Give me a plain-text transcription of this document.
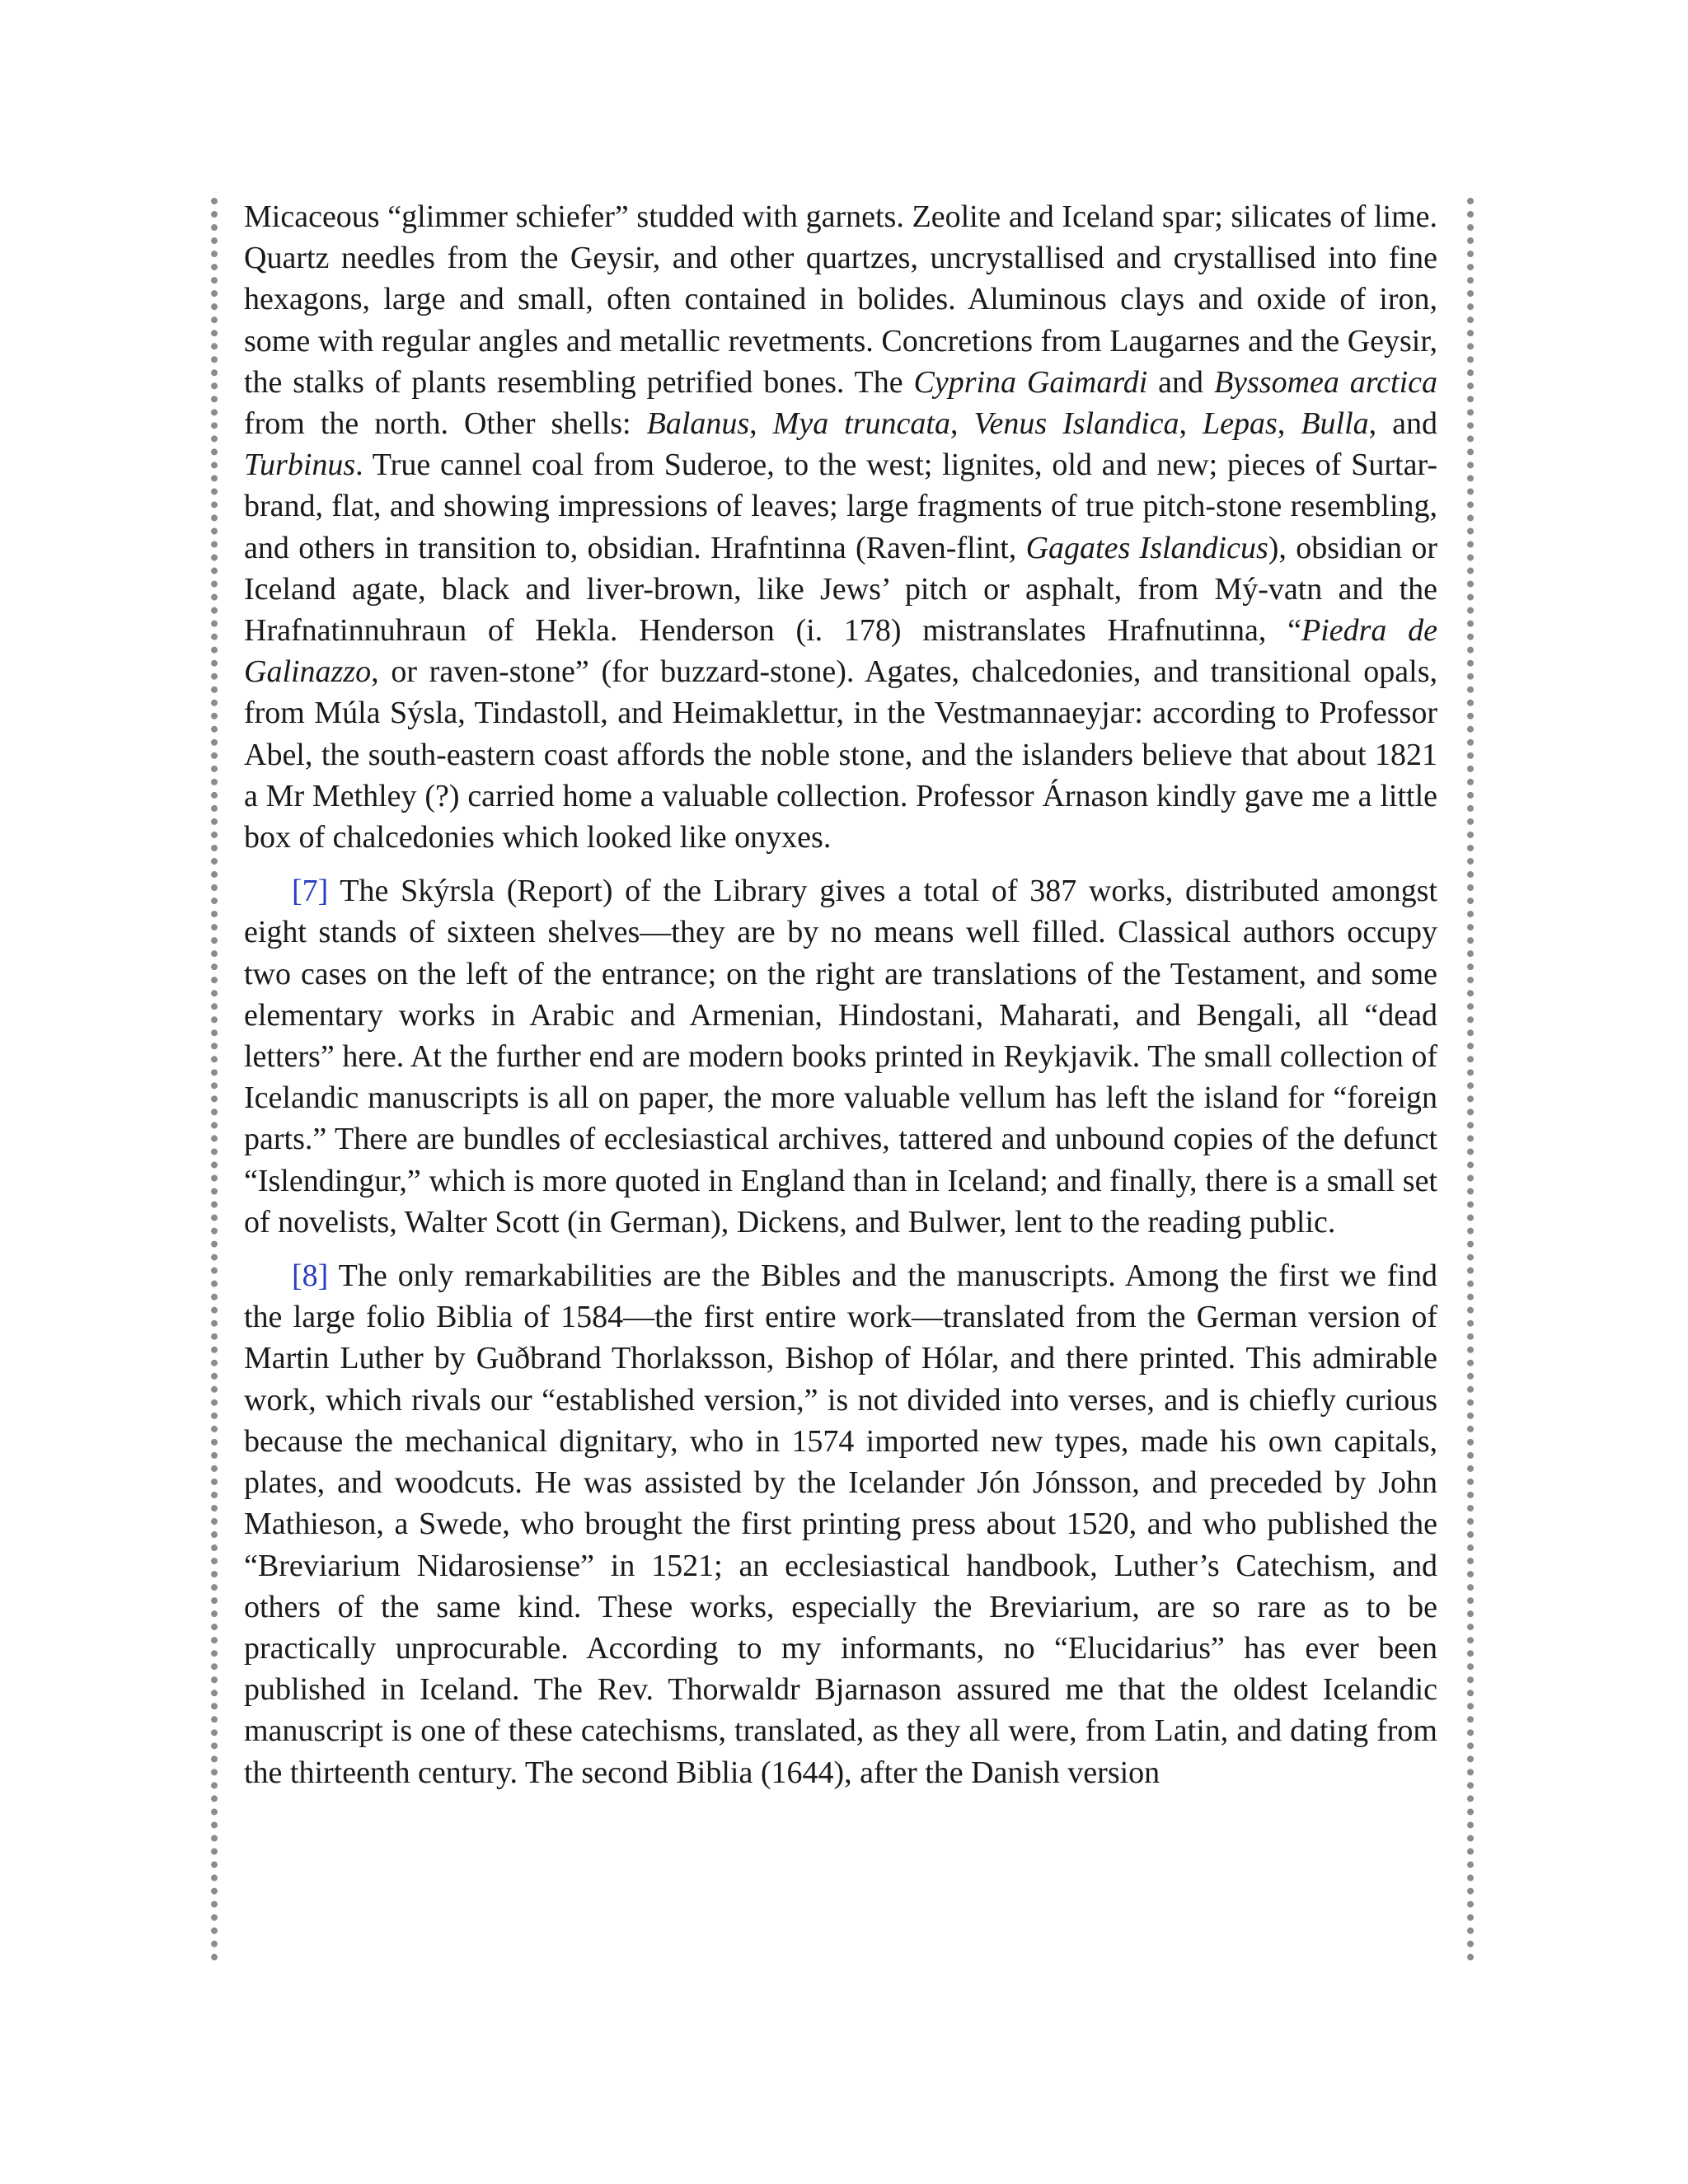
Micaceous “glimmer schiefer” studded with garnets. Zeolite and Iceland spar; silicates of lime. Quartz needles from the Geysir, and other quartzes, uncrystallised and crystallised into fine hexagons, large and small, often contained in bolides. Aluminous clays and oxide of iron, some with regular angles and metallic revetments. Concretions from Laugarnes and the Geysir, the stalks of plants resembling petrified bones. The Cyprina Gaimardi and Byssomea arctica from the north. Other shells: Balanus, Mya truncata, Venus Islandica, Lepas, Bulla, and Turbinus. True cannel coal from Suderoe, to the west; lignites, old and new; pieces of Surtar-brand, flat, and showing impressions of leaves; large fragments of true pitch-stone resembling, and others in transition to, obsidian. Hrafntinna (Raven-flint, Gagates Islandicus), obsidian or Iceland agate, black and liver-brown, like Jews’ pitch or asphalt, from Mý-vatn and the Hrafnatinnuhraun of Hekla. Henderson (i. 178) mistranslates Hrafnutinna, “Piedra de Galinazzo, or raven-stone” (for buzzard-stone). Agates, chalcedonies, and transitional opals, from Múla Sýsla, Tindastoll, and Heimaklettur, in the Vestmannaeyjar: according to Professor Abel, the south-eastern coast affords the noble stone, and the islanders believe that about 1821 a Mr Methley (?) carried home a valuable collection. Professor Árnason kindly gave me a little box of chalcedonies which looked like onyxes.

[7] The Skýrsla (Report) of the Library gives a total of 387 works, distributed amongst eight stands of sixteen shelves—they are by no means well filled. Classical authors occupy two cases on the left of the entrance; on the right are translations of the Testament, and some elementary works in Arabic and Armenian, Hindostani, Maharati, and Bengali, all “dead letters” here. At the further end are modern books printed in Reykjavik. The small collection of Icelandic manuscripts is all on paper, the more valuable vellum has left the island for “foreign parts.” There are bundles of ecclesiastical archives, tattered and unbound copies of the defunct “Islendingur,” which is more quoted in England than in Iceland; and finally, there is a small set of novelists, Walter Scott (in German), Dickens, and Bulwer, lent to the reading public.

[8] The only remarkabilities are the Bibles and the manuscripts. Among the first we find the large folio Biblia of 1584—the first entire work—translated from the German version of Martin Luther by Guðbrand Thorlaksson, Bishop of Hólar, and there printed. This admirable work, which rivals our “established version,” is not divided into verses, and is chiefly curious because the mechanical dignitary, who in 1574 imported new types, made his own capitals, plates, and woodcuts. He was assisted by the Icelander Jón Jónsson, and preceded by John Mathieson, a Swede, who brought the first printing press about 1520, and who published the “Breviarium Nidarosiense” in 1521; an ecclesiastical handbook, Luther’s Catechism, and others of the same kind. These works, especially the Breviarium, are so rare as to be practically unprocurable. According to my informants, no “Elucidarius” has ever been published in Iceland. The Rev. Thorwaldr Bjarnason assured me that the oldest Icelandic manuscript is one of these catechisms, translated, as they all were, from Latin, and dating from the thirteenth century. The second Biblia (1644), after the Danish version
